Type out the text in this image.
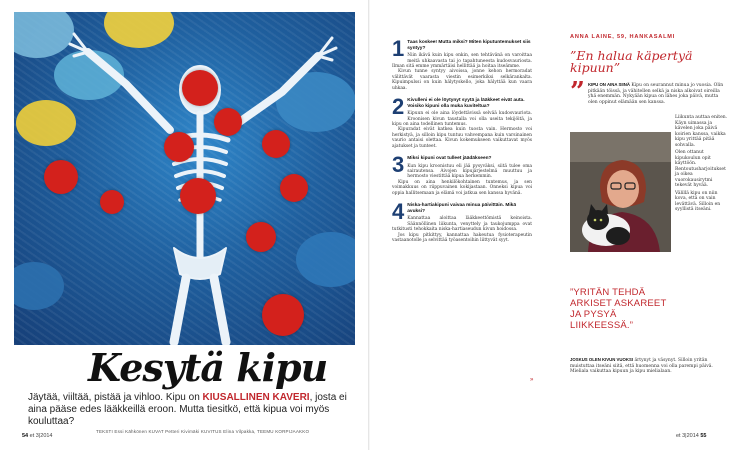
Kesytä kipu
Jäytää, viiltää, pistää ja vihloo. Kipu on KIUSALLINEN KAVERI, josta ei aina pääse edes lääkkeillä eroon. Mutta tiesitkö, että kipua voi myös kouluttaa?
TEKSTI Essi Kähkönen KUVAT Petteri Kivimäki KUVITUS Elina Vilpakka, TEEMU KORPIJAAKKO
54 et 3|2014
1 Taas koskee! Mutta miksi? Miten kiputuntemukset siis syntyy?

Niin ikävä kuin kipu onkin, sen tehtävänä on varoittaa meitä uhkaavasta tai jo tapahtuneesta kudosvauriosta. Ilman sitä emme ymmärtäisi hellittää ja hoitaa itseämme.

Kivun tunne syntyy aivoissa, jonne kehon hermoradat välittävät vaarasta viestin esimerkiksi selkärankalta. Kipuimpulssi on kuin hälytyskello, joka hälyttää kun vaara uhkaa.

2 Kivulleni ei ole löytynyt syytä ja lääkkeet eivät auta. Voisiko kipuni olla muka kuviteltua?

Kipuun ei ole aina löydettävissä selvää kudosvauriota. Kroonisen kivun taustalla voi olla useita tekijöitä, ja kipu on aina todellinen tuntemus.

Kipuradat eivät katkea kuin tuosta vain. Hermosto voi herkistyä, ja silloin kipu tuntuu vahvempana kuin varsinainen vaurio antaisi olettaa. Kivun kokemukseen vaikuttavat myös ajatukset ja tunteet.

3 Miksi kipuni ovat tulleet jäädäkseen?

Kun kipu kroonistuu eli jää pysyväksi, siitä tulee oma sairautensa. Aivojen kipujärjestelmä muuttuu ja hermosto viestittää kipua herkemmin.

Kipu on aina henkilökohtainen tuntemus, ja sen voimakkuus on riippuvainen kokijastaan. Onneksi kipua voi oppia hallitsemaan ja elämä voi jatkua sen kanssa hyvänä.

4 Niska-hartiakipuni vaivaa minua päivittäin. Mikä avuksi?

Kannattaa aloittaa lääkkeettömistä keinoista. Säännöllinen liikunta, venyttely ja taukojumppa ovat tutkitusti tehokkaita niska-hartiaseudun kivun hoidossa.

Jos kipu pitkittyy, kannattaa hakeutua fysioterapeutin vastaanotolle ja selvittää työasentoihin liittyvät syyt.

»
ANNA LAINE, 59, HANKASALMI
”En halua käpertyä kipuun”
” KIPU ON AINA SIINÄ Kipu on seurannut minua jo vuosia. Olin pitkään töissä, ja vähitellen selkä ja niska alkoivat oireilla yhä enemmän. Nykyään kipua on lähes joka päivä, mutta olen oppinut elämään sen kanssa.

Liikunta auttaa eniten. Käyn uimassa ja kävelen joka päivä koirien kanssa, vaikka kipu yrittää pitää sohvalla.

Olen ottanut kipukoulun opit käyttöön. Rentoutusharjoitukset ja oikea vuorokausirytmi tekevät hyvää.

Välillä kipu on niin kova, että on vain levättävä. Silloin en syyllistä itseäni.

”YRITÄN TEHDÄ ARKISET ASKAREET JA PYSYÄ LIIKKEESSÄ.”

JOSKUS OLEN KIVUN VUOKSI ärtynyt ja väsynyt. Silloin yritän muistuttaa itseäni siitä, että huomenna voi olla parempi päivä. Mieliala vaikuttaa kipuun ja kipu mielialaan.

et 3|2014 55
